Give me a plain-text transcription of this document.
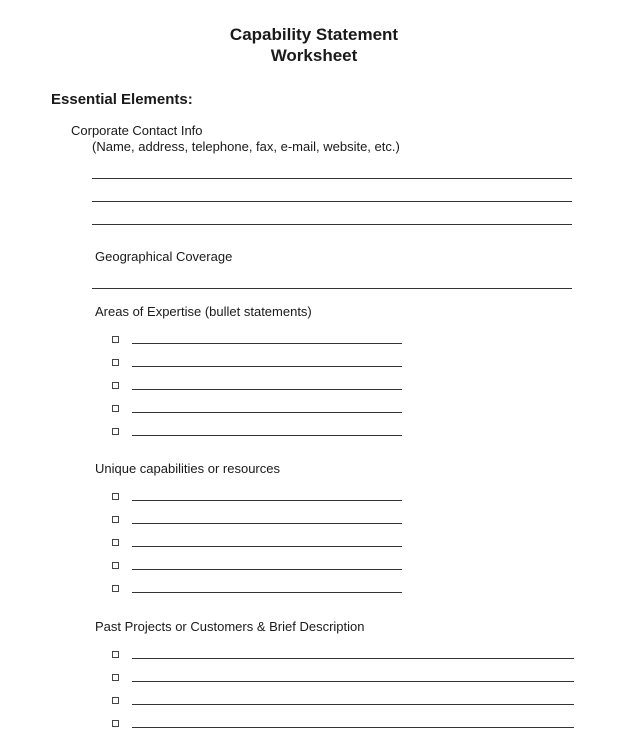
Capability Statement
Worksheet
Essential Elements:
Corporate Contact Info
(Name, address, telephone, fax, e-mail, website, etc.)
Geographical Coverage
Areas of Expertise (bullet statements)
Unique capabilities or resources
Past Projects or Customers & Brief Description
